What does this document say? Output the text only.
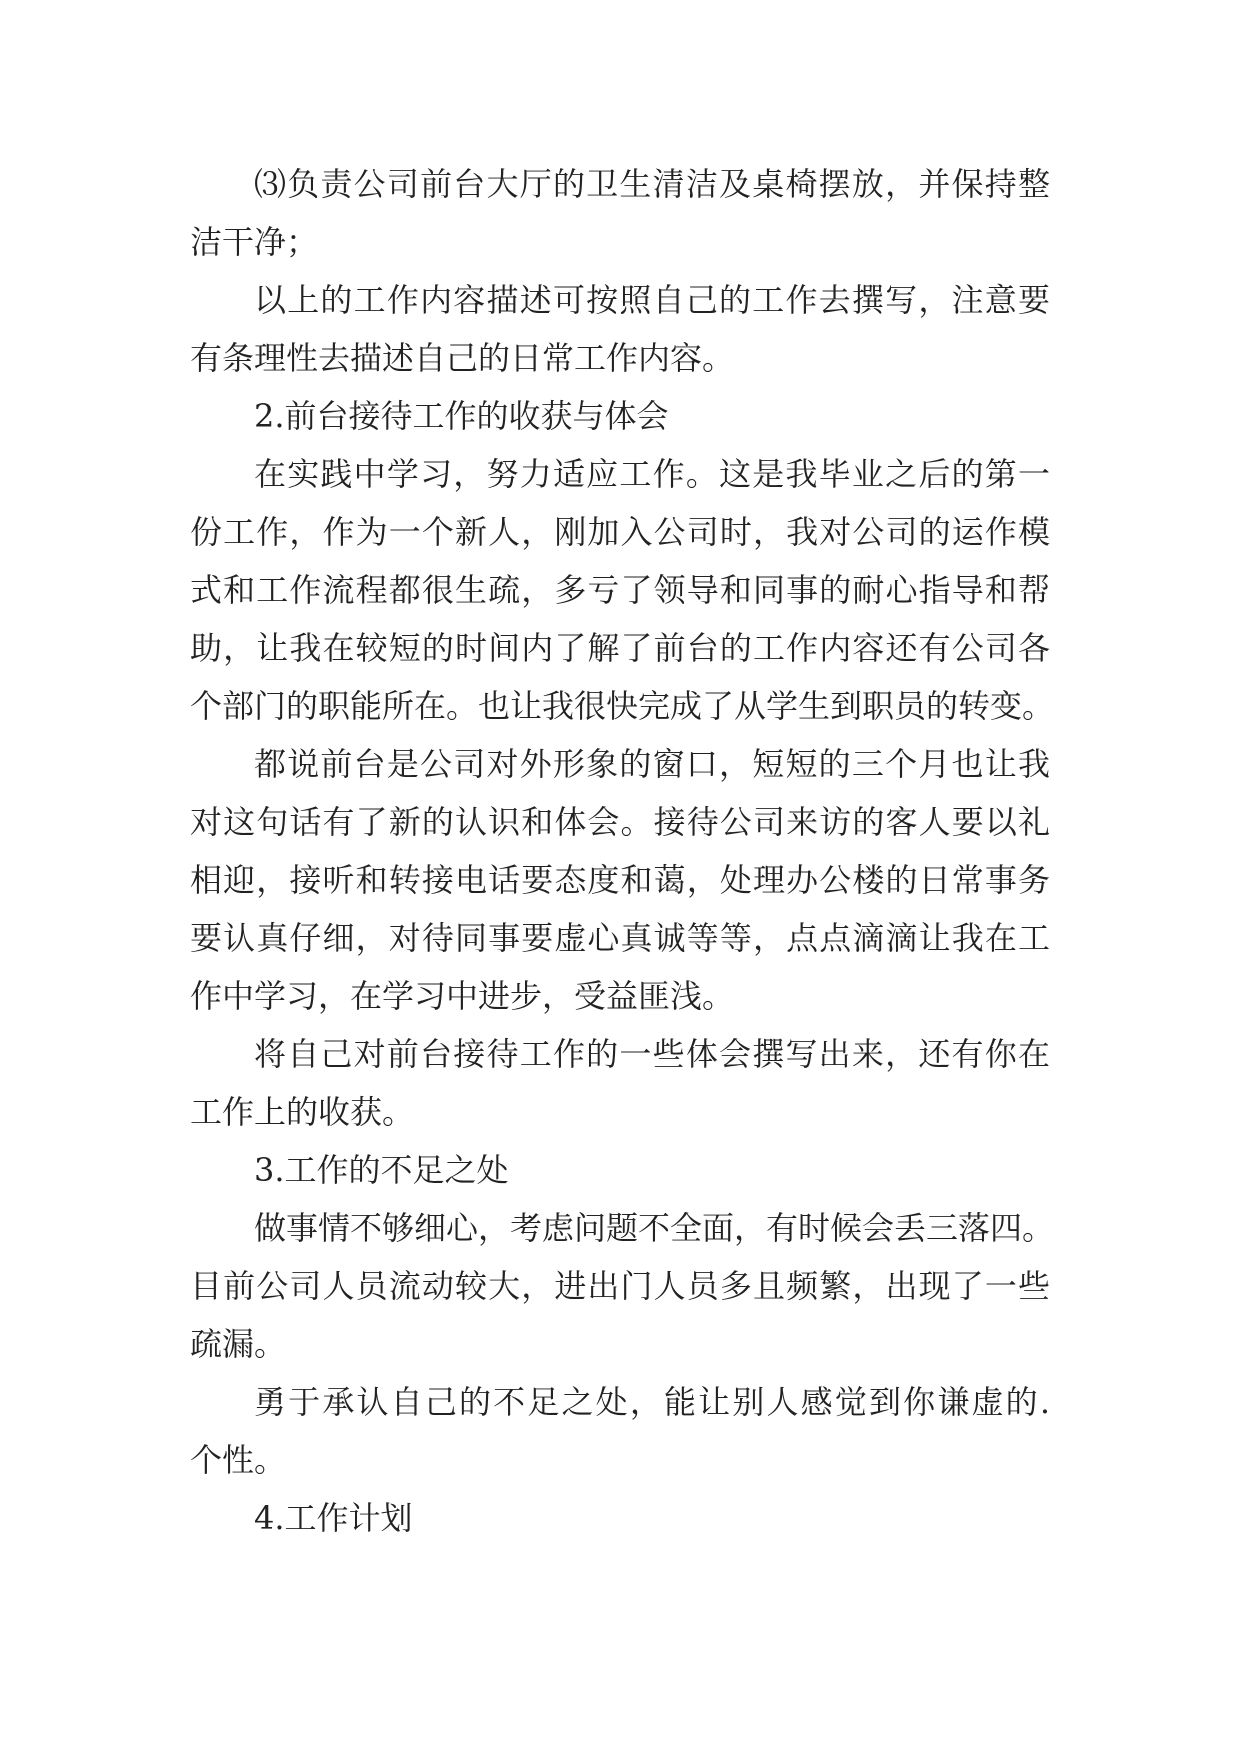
⑶负责公司前台大厅的卫生清洁及桌椅摆放，并保持整
洁干净；
以上的工作内容描述可按照自己的工作去撰写，注意要
有条理性去描述自己的日常工作内容。
2.前台接待工作的收获与体会
在实践中学习，努力适应工作。这是我毕业之后的第一
份工作，作为一个新人，刚加入公司时，我对公司的运作模
式和工作流程都很生疏，多亏了领导和同事的耐心指导和帮
助，让我在较短的时间内了解了前台的工作内容还有公司各
个部门的职能所在。也让我很快完成了从学生到职员的转变。
都说前台是公司对外形象的窗口，短短的三个月也让我
对这句话有了新的认识和体会。接待公司来访的客人要以礼
相迎，接听和转接电话要态度和蔼，处理办公楼的日常事务
要认真仔细，对待同事要虚心真诚等等，点点滴滴让我在工
作中学习，在学习中进步，受益匪浅。
将自己对前台接待工作的一些体会撰写出来，还有你在
工作上的收获。
3.工作的不足之处
做事情不够细心，考虑问题不全面，有时候会丢三落四。
目前公司人员流动较大，进出门人员多且频繁，出现了一些
疏漏。
勇于承认自己的不足之处，能让别人感觉到你谦虚的.
个性。
4.工作计划
